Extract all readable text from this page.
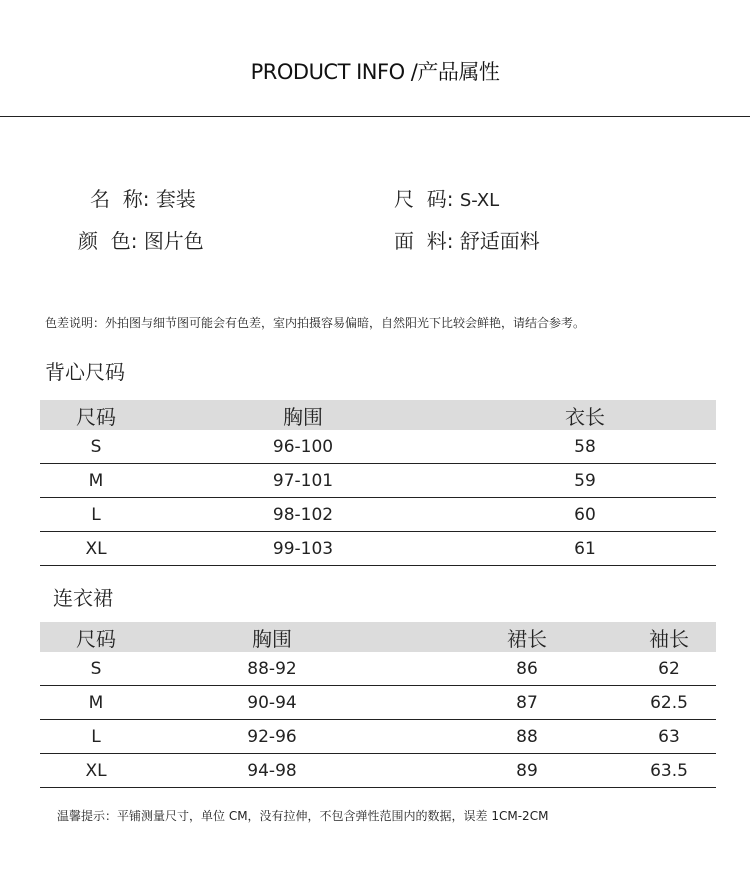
PRODUCT INFO /产品属性
名  称: 套装	尺  码: S-XL
颜  色: 图片色	面  料: 舒适面料
色差说明：外拍图与细节图可能会有色差，室内拍摄容易偏暗，自然阳光下比较会鲜艳，请结合参考。
背心尺码
尺码	胸围	衣长
S	96-100	58
M	97-101	59
L	98-102	60
XL	99-103	61
连衣裙
尺码	胸围	裙长	袖长
S	88-92	86	62
M	90-94	87	62.5
L	92-96	88	63
XL	94-98	89	63.5
温馨提示：平铺测量尺寸，单位 CM，没有拉伸，不包含弹性范围内的数据，误差 1CM-2CM
